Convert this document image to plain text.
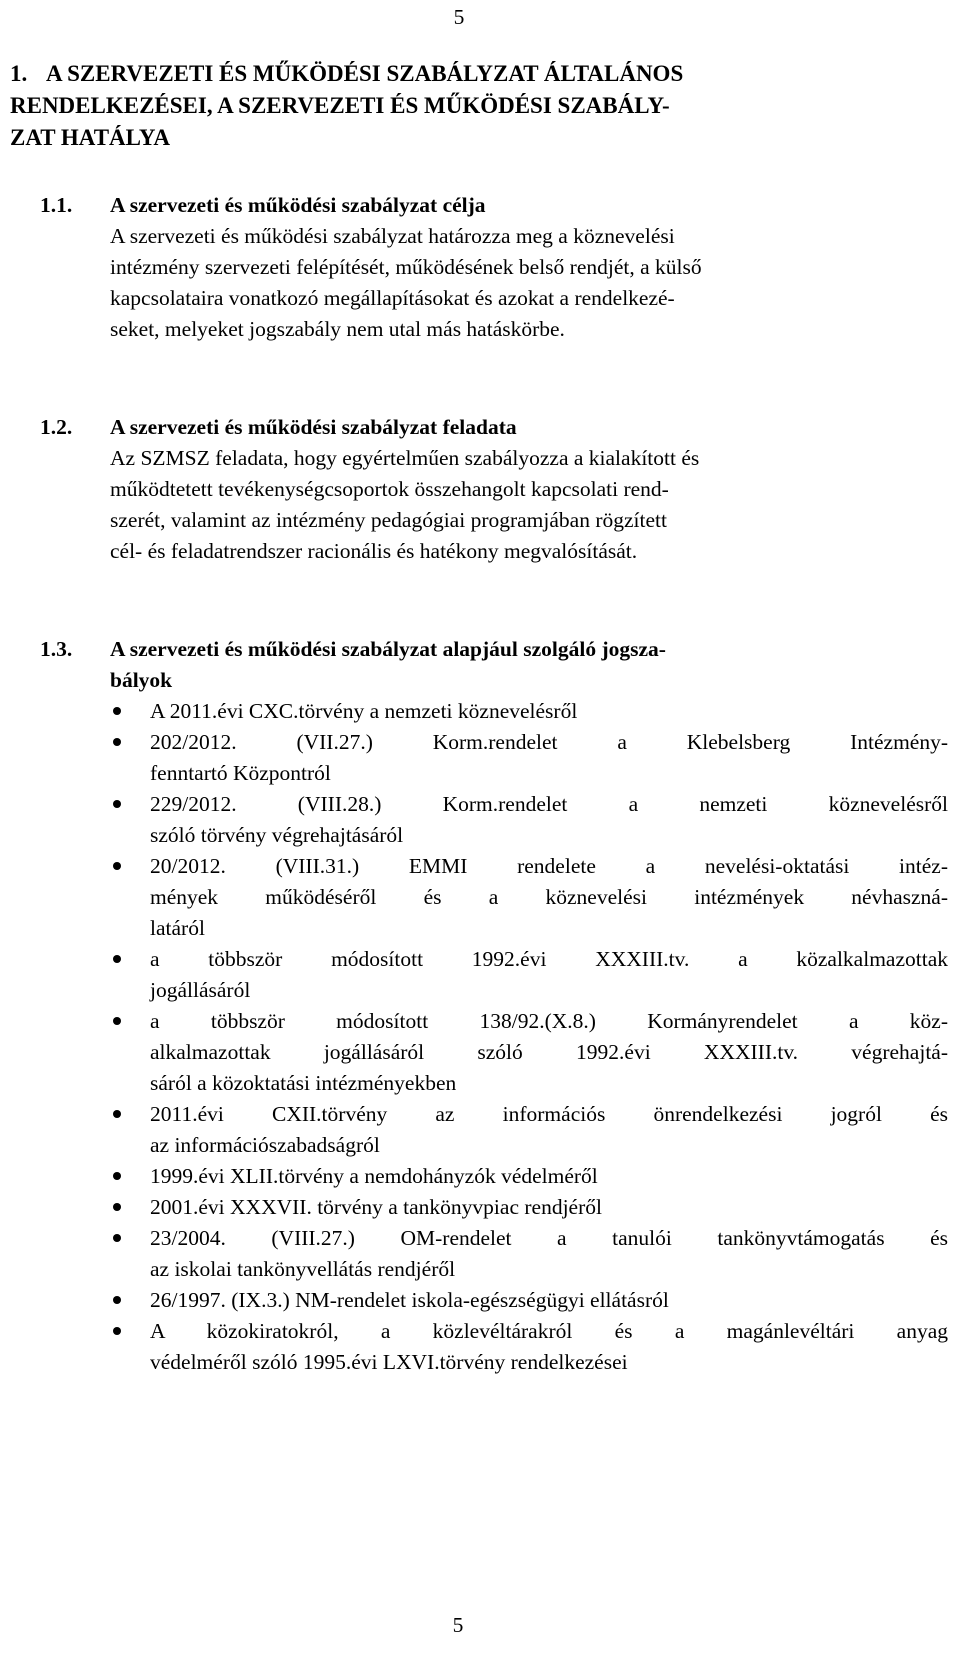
5
1. A SZERVEZETI ÉS MŰKÖDÉSI SZABÁLYZAT ÁLTALÁNOS
RENDELKEZÉSEI, A SZERVEZETI ÉS MŰKÖDÉSI SZABÁLY-
ZAT HATÁLYA

1.1. A szervezeti és működési szabályzat célja

A szervezeti és működési szabályzat határozza meg a köznevelési
intézmény szervezeti felépítését, működésének belső rendjét, a külső
kapcsolataira vonatkozó megállapításokat és azokat a rendelkezé-
seket, melyeket jogszabály nem utal más hatáskörbe.

1.2. A szervezeti és működési szabályzat feladata

Az SZMSZ feladata, hogy egyértelműen szabályozza a kialakított és
működtetett tevékenységcsoportok összehangolt kapcsolati rend-
szerét, valamint az intézmény pedagógiai programjában rögzített
cél- és feladatrendszer racionális és hatékony megvalósítását.

1.3. A szervezeti és működési szabályzat alapjául szolgáló jogsza-
bályok

A 2011.évi CXC.törvény a nemzeti köznevelésről
202/2012. (VII.27.) Korm.rendelet a Klebelsberg Intézmény-
fenntartó Központról
229/2012. (VIII.28.) Korm.rendelet a nemzeti köznevelésről
szóló törvény végrehajtásáról
20/2012. (VIII.31.) EMMI rendelete a nevelési-oktatási intéz-
mények működéséről és a köznevelési intézmények névhaszná-
latáról
a többször módosított 1992.évi XXXIII.tv. a közalkalmazottak
jogállásáról
a többször módosított 138/92.(X.8.) Kormányrendelet a köz-
alkalmazottak jogállásáról szóló 1992.évi XXXIII.tv. végrehajtá-
sáról a közoktatási intézményekben
2011.évi CXII.törvény az információs önrendelkezési jogról és
az információszabadságról
1999.évi XLII.törvény a nemdohányzók védelméről
2001.évi XXXVII. törvény a tankönyvpiac rendjéről
23/2004. (VIII.27.) OM-rendelet a tanulói tankönyvtámogatás és
az iskolai tankönyvellátás rendjéről
26/1997. (IX.3.) NM-rendelet iskola-egészségügyi ellátásról
A közokiratokról, a közlevéltárakról és a magánlevéltári anyag
védelméről szóló 1995.évi LXVI.törvény rendelkezései
5
